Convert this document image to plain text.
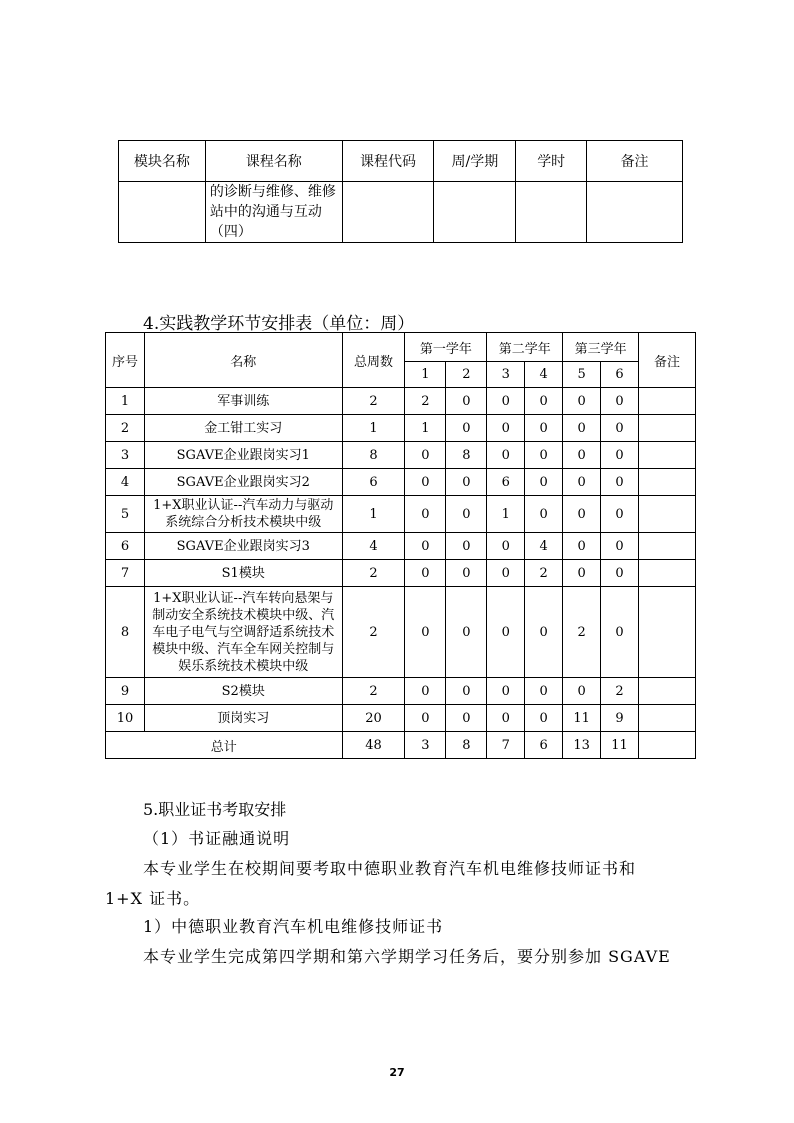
模块名称	课程名称	课程代码	周/学期	学时	备注

	的诊断与维修、维修
站中的沟通与互动
（四）				

4.实践教学环节安排表（单位：周）
序号	名称	总周数	第一学年		第二学年		第三学年		备注
			1	2	3	4	5	6	
1	军事训练	2	2	0	0	0	0	0	
2	金工钳工实习	1	1	0	0	0	0	0	
3	SGAVE企业跟岗实习1	8	0	8	0	0	0	0	
4	SGAVE企业跟岗实习2	6	0	0	6	0	0	0	
5	1+X职业认证--汽车动力与驱动
系统综合分析技术模块中级	1	0	0	1	0	0	0	
6	SGAVE企业跟岗实习3	4	0	0	0	4	0	0	
7	S1模块	2	0	0	0	2	0	0	
8	1+X职业认证--汽车转向悬架与
制动安全系统技术模块中级、汽
车电子电气与空调舒适系统技术
模块中级、汽车全车网关控制与
娱乐系统技术模块中级	2	0	0	0	0	2	0	
9	S2模块	2	0	0	0	0	0	2	
10	顶岗实习	20	0	0	0	0	11	9	
总计		48	3	8	7	6	13	11	
5.职业证书考取安排
（1）书证融通说明
本专业学生在校期间要考取中德职业教育汽车机电维修技师证书和
1+X 证书。
1）中德职业教育汽车机电维修技师证书
本专业学生完成第四学期和第六学期学习任务后，要分别参加 SGAVE
27
